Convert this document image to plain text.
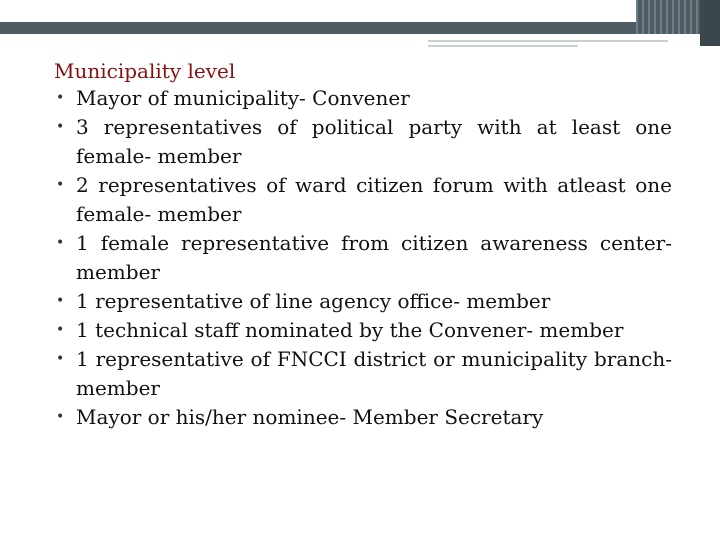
Municipality level

• Mayor of municipality- Convener
• 3 representatives of political party with at least one female- member
• 2 representatives of ward citizen forum with atleast one female- member
• 1 female representative from citizen awareness center- member
• 1 representative of line agency office- member
• 1 technical staff nominated by the Convener- member
• 1 representative of FNCCI district or municipality branch- member
• Mayor or his/her nominee- Member Secretary
